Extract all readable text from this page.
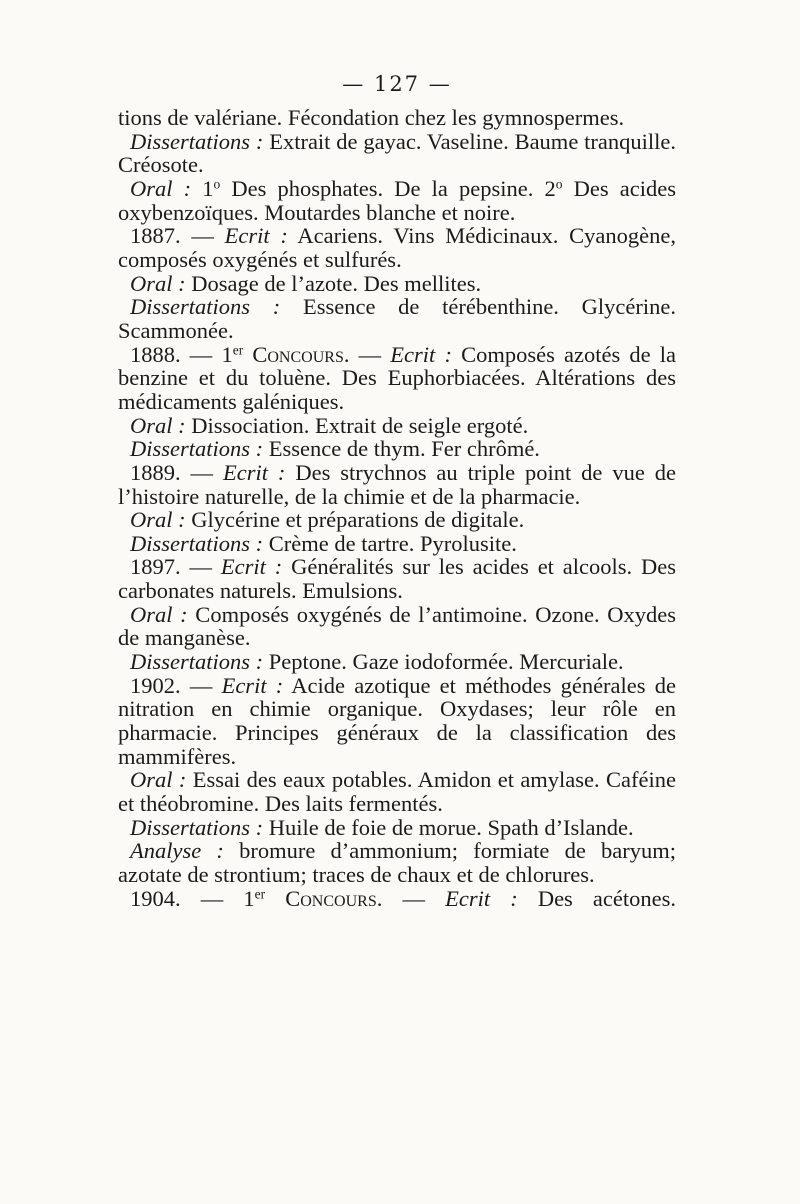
— 127 —

tions de valériane. Fécondation chez les gymnospermes.

Dissertations : Extrait de gayac. Vaseline. Baume tranquille. Créosote.

Oral : 1$^o$ Des phosphates. De la pepsine. 2$^o$ Des acides oxybenzoïques. Moutardes blanche et noire.

1887. — Ecrit : Acariens. Vins Médicinaux. Cyanogène, composés oxygénés et sulfurés.

Oral : Dosage de l’azote. Des mellites.

Dissertations : Essence de térébenthine. Glycérine. Scammonée.

1888. — 1er Concours. — Ecrit : Composés azotés de la benzine et du toluène. Des Euphorbiacées. Altérations des médicaments galéniques.

Oral : Dissociation. Extrait de seigle ergoté.

Dissertations : Essence de thym. Fer chrômé.

1889. — Ecrit : Des strychnos au triple point de vue de l’histoire naturelle, de la chimie et de la pharmacie.

Oral : Glycérine et préparations de digitale.

Dissertations : Crème de tartre. Pyrolusite.

1897. — Ecrit : Généralités sur les acides et alcools. Des carbonates naturels. Emulsions.

Oral : Composés oxygénés de l’antimoine. Ozone. Oxydes de manganèse.

Dissertations : Peptone. Gaze iodoformée. Mercuriale.

1902. — Ecrit : Acide azotique et méthodes générales de nitration en chimie organique. Oxydases; leur rôle en pharmacie. Principes généraux de la classification des mammifères.

Oral : Essai des eaux potables. Amidon et amylase. Caféine et théobromine. Des laits fermentés.

Dissertations : Huile de foie de morue. Spath d’Islande.

Analyse : bromure d’ammonium; formiate de baryum; azotate de strontium; traces de chaux et de chlorures.

1904. — 1er Concours. — Ecrit : Des acétones.
